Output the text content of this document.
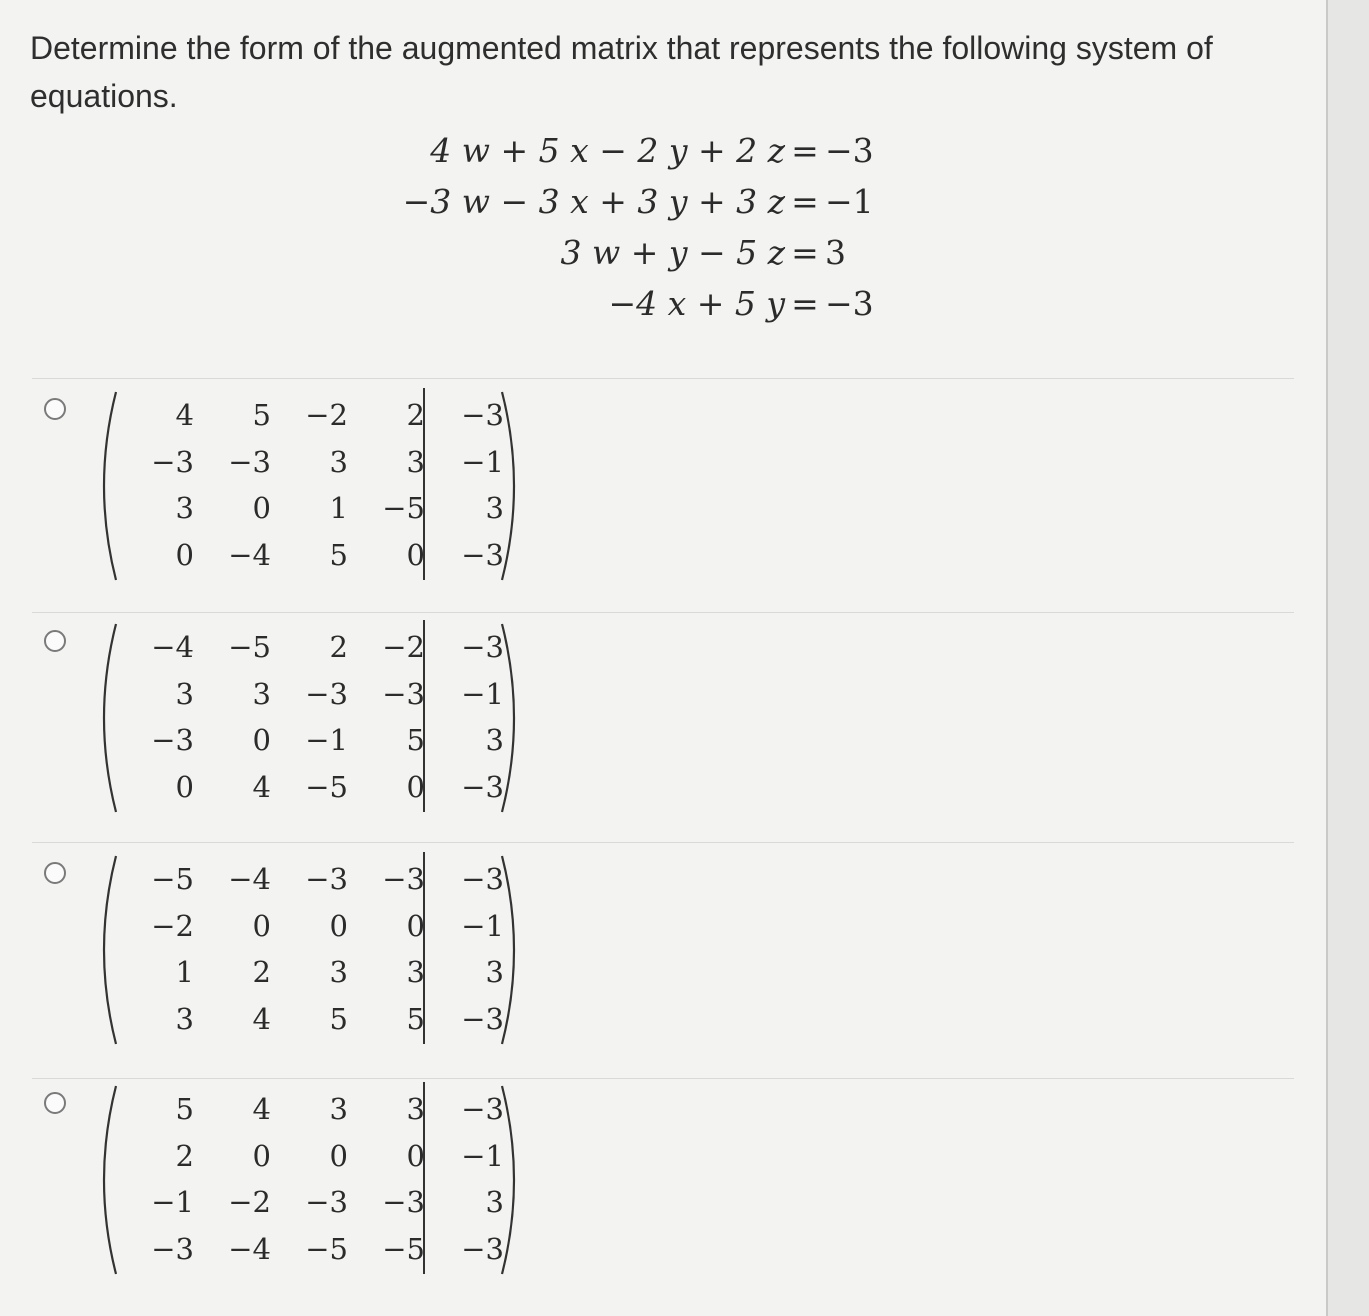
Determine the form of the augmented matrix that represents the following system of equations.

4 w + 5 x − 2 y + 2 z = −3
−3 w − 3 x + 3 y + 3 z = −1
3 w + y − 5 z = 3
−4 x + 5 y = −3
4	5	−2	2	−3
−3	−3	3	3	−1
3	0	1	−5	3
0	−4	5	0	−3
−4	−5	2	−2	−3
3	3	−3	−3	−1
−3	0	−1	5	3
0	4	−5	0	−3
−5	−4	−3	−3	−3
−2	0	0	0	−1
1	2	3	3	3
3	4	5	5	−3
5	4	3	3	−3
2	0	0	0	−1
−1	−2	−3	−3	3
−3	−4	−5	−5	−3
